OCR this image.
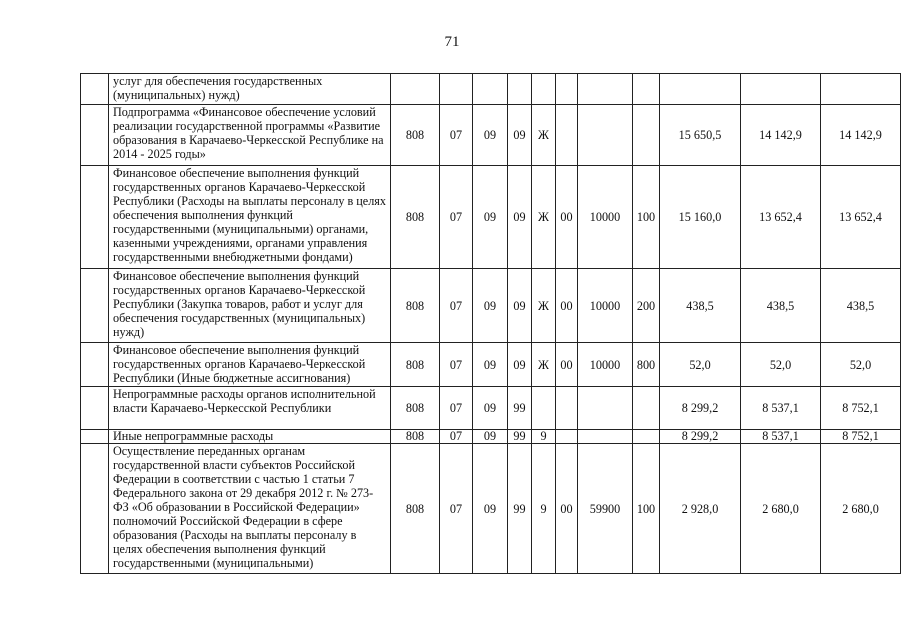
71
	услуг для обеспечения государственных (муниципальных) нужд)											
	Подпрограмма «Финансовое обеспечение условий реализации государственной программы «Развитие образования в Карачаево-Черкесской Республике на 2014 - 2025 годы»	808	07	09	09	Ж				15 650,5	14 142,9	14 142,9
	Финансовое обеспечение выполнения функций государственных органов Карачаево-Черкесской Республики (Расходы на выплаты персоналу в целях обеспечения выполнения функций государственными (муниципальными) органами, казенными учреждениями, органами управления государственными внебюджетными фондами)	808	07	09	09	Ж	00	10000	100	15 160,0	13 652,4	13 652,4
	Финансовое обеспечение выполнения функций государственных органов Карачаево-Черкесской Республики (Закупка товаров, работ и услуг для обеспечения государственных (муниципальных) нужд)	808	07	09	09	Ж	00	10000	200	438,5	438,5	438,5
	Финансовое обеспечение выполнения функций государственных органов Карачаево-Черкесской Республики (Иные бюджетные ассигнования)	808	07	09	09	Ж	00	10000	800	52,0	52,0	52,0
	Непрограммные расходы органов исполнительной власти Карачаево-Черкесской Республики	808	07	09	99					8 299,2	8 537,1	8 752,1
	Иные непрограммные расходы	808	07	09	99	9				8 299,2	8 537,1	8 752,1
	Осуществление переданных органам государственной власти субъектов Российской Федерации в соответствии с частью 1 статьи 7 Федерального закона от 29 декабря 2012 г. № 273-ФЗ «Об образовании в Российской Федерации» полномочий Российской Федерации в сфере образования (Расходы на выплаты персоналу в целях обеспечения выполнения функций государственными (муниципальными)	808	07	09	99	9	00	59900	100	2 928,0	2 680,0	2 680,0
